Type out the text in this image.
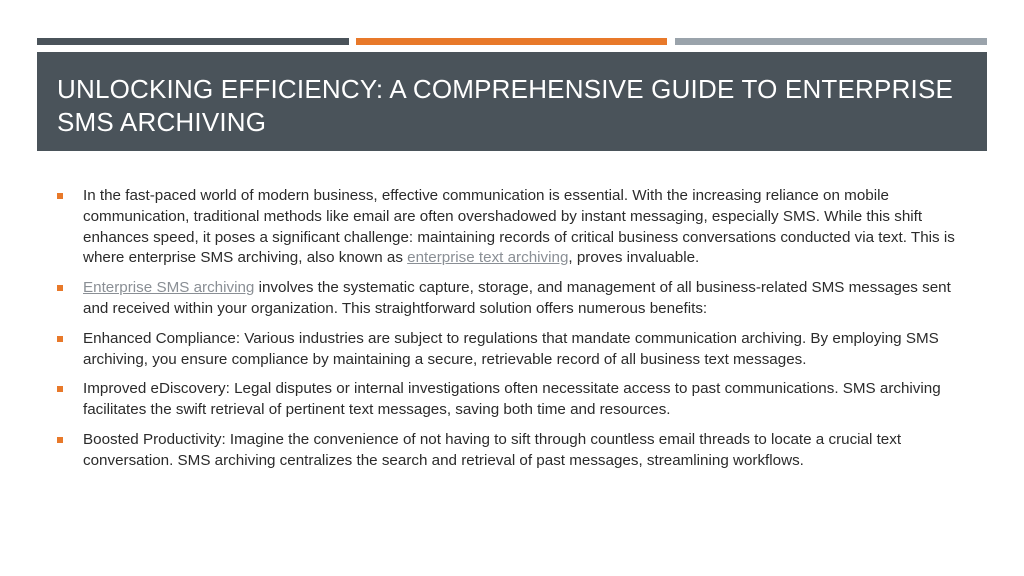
UNLOCKING EFFICIENCY: A COMPREHENSIVE GUIDE TO ENTERPRISE SMS ARCHIVING
In the fast-paced world of modern business, effective communication is essential. With the increasing reliance on mobile communication, traditional methods like email are often overshadowed by instant messaging, especially SMS. While this shift enhances speed, it poses a significant challenge: maintaining records of critical business conversations conducted via text. This is where enterprise SMS archiving, also known as enterprise text archiving, proves invaluable.
Enterprise SMS archiving involves the systematic capture, storage, and management of all business-related SMS messages sent and received within your organization. This straightforward solution offers numerous benefits:
Enhanced Compliance: Various industries are subject to regulations that mandate communication archiving. By employing SMS archiving, you ensure compliance by maintaining a secure, retrievable record of all business text messages.
Improved eDiscovery: Legal disputes or internal investigations often necessitate access to past communications. SMS archiving facilitates the swift retrieval of pertinent text messages, saving both time and resources.
Boosted Productivity: Imagine the convenience of not having to sift through countless email threads to locate a crucial text conversation. SMS archiving centralizes the search and retrieval of past messages, streamlining workflows.
